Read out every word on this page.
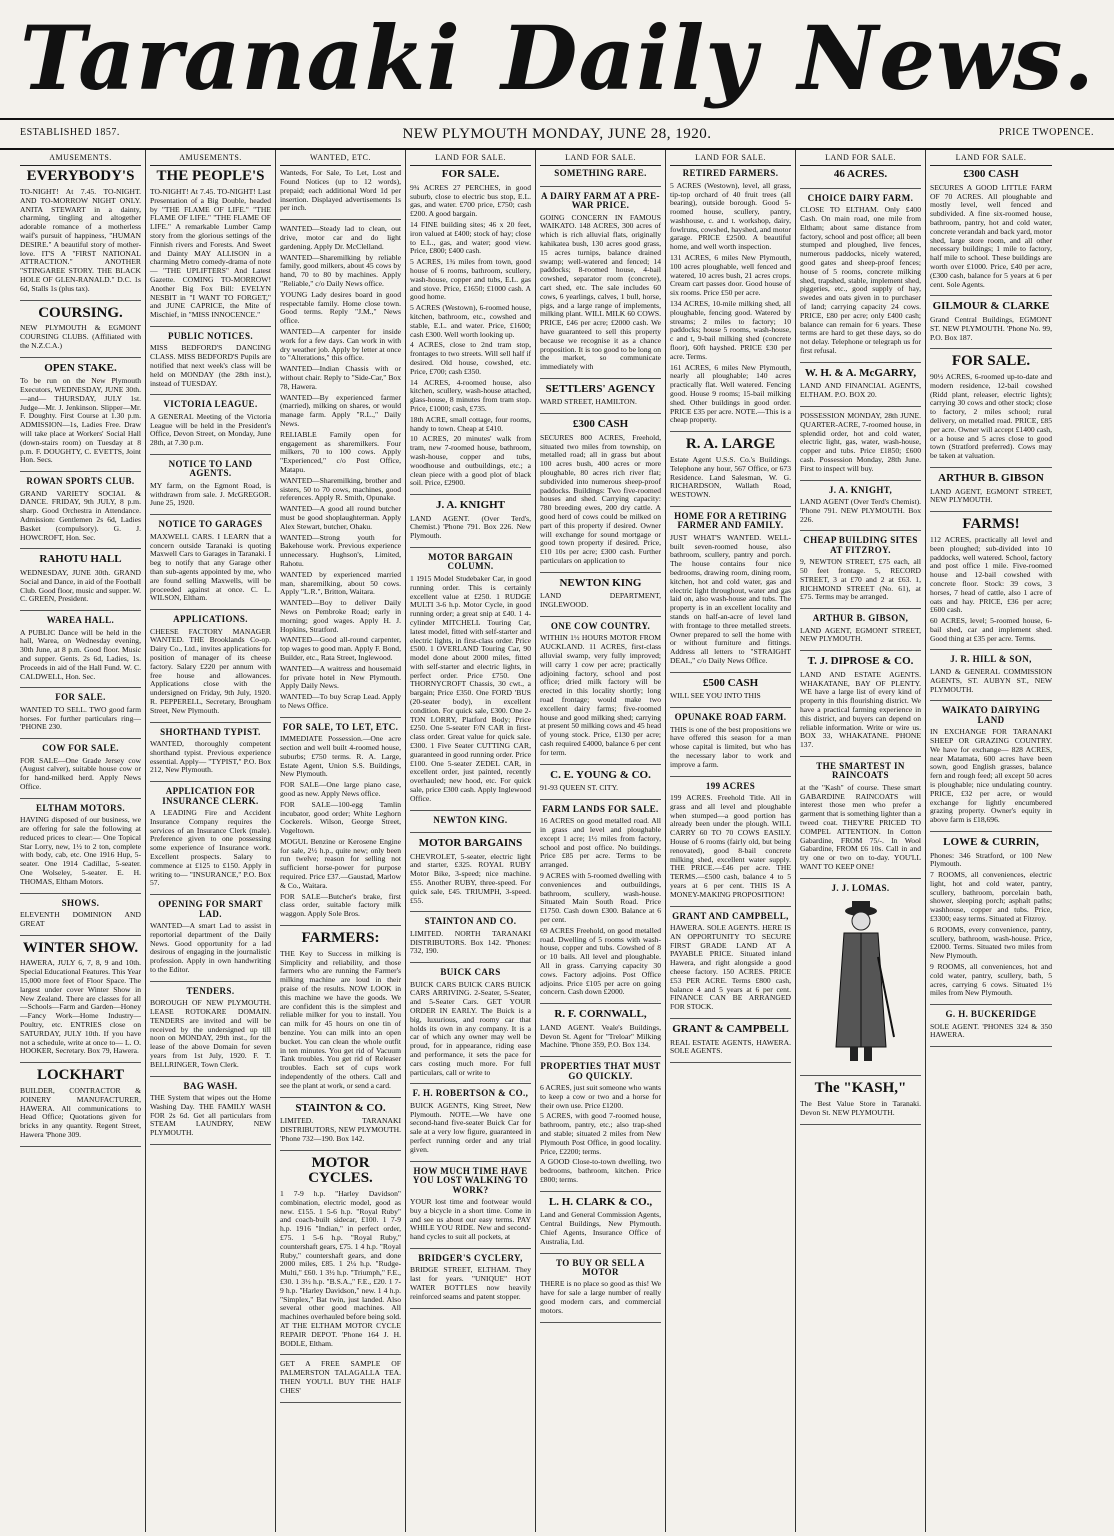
Taranaki Daily News.
ESTABLISHED 1857.	NEW PLYMOUTH MONDAY, JUNE 28, 1920.	PRICE TWOPENCE.
AMUSEMENTS.
EVERYBODY'S

TO-NIGHT! At 7.45. TO-NIGHT. AND TO-MORROW NIGHT ONLY. ANITA STEWART in a dainty, charming, tingling and altogether adorable romance of a motherless waif's pursuit of happiness, "HUMAN DESIRE." A beautiful story of mother-love. IT'S A "FIRST NATIONAL ATTRACTION." ANOTHER "STINGAREE STORY. THE BLACK HOLE OF GLEN-RANALD." D.C. 1s 6d, Stalls 1s (plus tax).

COURSING.

NEW PLYMOUTH & EGMONT COURSING CLUBS. (Affiliated with the N.Z.C.A.)

OPEN STAKE.

To be run on the New Plymouth Executors, WEDNESDAY, JUNE 30th. —and— THURSDAY, JULY 1st. Judge—Mr. J. Jenkinson. Slipper—Mr. F. Doughty. First Course at 1.30 p.m. ADMISSION—1s, Ladies Free. Draw will take place at Workers' Social Hall (down-stairs room) on Tuesday at 8 p.m. F. DOUGHTY, C. EVETTS, Joint Hon. Secs.

ROWAN SPORTS CLUB.

GRAND VARIETY SOCIAL & DANCE. FRIDAY, 9th JULY, 8 p.m. sharp. Good Orchestra in Attendance. Admission: Gentlemen 2s 6d, Ladies Basket (compulsory). G. J. HOWCROFT, Hon. Sec.

RAHOTU HALL

WEDNESDAY, JUNE 30th. GRAND Social and Dance, in aid of the Football Club. Good floor, music and supper. W. C. GREEN, President.

WAREA HALL.

A PUBLIC Dance will be held in the hall, Warea, on Wednesday evening, 30th June, at 8 p.m. Good floor. Music and supper. Gents. 2s 6d, Ladies, 1s. Proceeds in aid of the Hall Fund. W. C. CALDWELL, Hon. Sec.

FOR SALE.

WANTED TO SELL. TWO good farm horses. For further particulars ring— 'PHONE 230.

COW FOR SALE.

FOR SALE—One Grade Jersey cow (August calver), suitable house cow or for hand-milked herd. Apply News Office.

ELTHAM MOTORS.

HAVING disposed of our business, we are offering for sale the following at reduced prices to clear:— One Topical Star Lorry, new, 1½ to 2 ton, complete with body, cab, etc. One 1916 Hup, 5-seater. One 1914 Cadillac, 5-seater. One Wolseley, 5-seater. E. H. THOMAS, Eltham Motors.

SHOWS.

ELEVENTH DOMINION AND GREAT

WINTER SHOW.

HAWERA, JULY 6, 7, 8, 9 and 10th. Special Educational Features. This Year 15,000 more feet of Floor Space. The largest under cover Winter Show in New Zealand. There are classes for all—Schools—Farm and Garden—Honey—Fancy Work—Home Industry—Poultry, etc. ENTRIES close on SATURDAY, JULY 10th. If you have not a schedule, write at once to— L. O. HOOKER, Secretary. Box 79, Hawera.

LOCKHART

BUILDER, CONTRACTOR & JOINERY MANUFACTURER, HAWERA. All communications to Head Office; Quotations given for bricks in any quantity. Regent Street, Hawera 'Phone 309.

AMUSEMENTS.
THE PEOPLE'S

TO-NIGHT! At 7.45. TO-NIGHT! Last Presentation of a Big Double, headed by "THE FLAME OF LIFE." "THE FLAME OF LIFE." "THE FLAME OF LIFE." A remarkable Lumber Camp story from the glorious settings of the Finnish rivers and Forests. And Sweet and Dainty MAY ALLISON in a charming Metro comedy-drama of note— "THE UPLIFTERS" And Latest Gazette. COMING TO-MORROW! Another Big Fox Bill: EVELYN NESBIT in "I WANT TO FORGET," and JUNE CAPRICE, the Mite of Mischief, in "MISS INNOCENCE."

PUBLIC NOTICES.

MISS BEDFORD'S DANCING CLASS. MISS BEDFORD'S Pupils are notified that next week's class will be held on MONDAY (the 28th inst.), instead of TUESDAY.

VICTORIA LEAGUE.

A GENERAL Meeting of the Victoria League will be held in the President's Office, Devon Street, on Monday, June 28th, at 7.30 p.m.

NOTICE TO LAND AGENTS.

MY farm, on the Egmont Road, is withdrawn from sale. J. McGREGOR. June 25, 1920.

NOTICE TO GARAGES

MAXWELL CARS. I LEARN that a concern outside Taranaki is quoting Maxwell Cars to Garages in Taranaki. I beg to notify that any Garage other than sub-agents appointed by me, who are found selling Maxwells, will be proceeded against at once. C. L. WILSON, Eltham.

APPLICATIONS.

CHEESE FACTORY MANAGER WANTED. THE Brooklands Co-op. Dairy Co., Ltd., invites applications for position of manager of its cheese factory. Salary £220 per annum with free house and allowances. Applications close with the undersigned on Friday, 9th July, 1920. R. PEPPERELL, Secretary, Brougham Street, New Plymouth.

SHORTHAND TYPIST.

WANTED, thoroughly competent shorthand typist. Previous experience essential. Apply— "TYPIST," P.O. Box 212, New Plymouth.

APPLICATION FOR INSURANCE CLERK.

A LEADING Fire and Accident Insurance Company requires the services of an Insurance Clerk (male). Preference given to one possessing some experience of Insurance work. Excellent prospects. Salary to commence at £125 to £150. Apply in writing to— "INSURANCE," P.O. Box 57.

OPENING FOR SMART LAD.

WANTED—A smart Lad to assist in reportorial department of the Daily News. Good opportunity for a lad desirous of engaging in the journalistic profession. Apply in own handwriting to the Editor.

TENDERS.

BOROUGH OF NEW PLYMOUTH. LEASE ROTOKARE DOMAIN. TENDERS are invited and will be received by the undersigned up till noon on MONDAY, 29th inst., for the lease of the above Domain for seven years from 1st July, 1920. F. T. BELLRINGER, Town Clerk.

BAG WASH.

THE System that wipes out the Home Washing Day. THE FAMILY WASH FOR 2s 6d. Get all particulars from STEAM LAUNDRY, NEW PLYMOUTH.

WANTED, ETC.

Wanteds, For Sale, To Let, Lost and Found Notices (up to 12 words), prepaid; each additional Word 1d per insertion. Displayed advertisements 1s per inch.

WANTED—Steady lad to clean, out drive, motor car and do light gardening. Apply Dr. McClelland.

WANTED—Sharemilking by reliable family, good milkers, about 45 cows by hand, 70 to 80 by machines. Apply "Reliable," c/o Daily News office.

YOUNG Lady desires board in good respectable family. Home close town. Good terms. Reply "J.M.," News office.

WANTED—A carpenter for inside work for a few days. Can work in with dry weather job. Apply by letter at once to "Alterations," this office.

WANTED—Indian Chassis with or without chair. Reply to "Side-Car," Box 78, Hawera.

WANTED—By experienced farmer (married), milking on shares, or would manage farm. Apply "R.L.," Daily News.

RELIABLE Family open for engagement as sharemilkers. Four milkers, 70 to 100 cows. Apply "Experienced," c/o Post Office, Matapu.

WANTED—Sharemilking, brother and sisters, 50 to 70 cows, machines, good references. Apply R. Smith, Opunake.

WANTED—A good all round butcher must be good shoplaughterman. Apply Alex Stewart, butcher, Ohaku.

WANTED—Strong youth for Bakehouse work. Previous experience unnecessary. Hughson's, Limited, Rahotu.

WANTED by experienced married man, sharemilking, about 50 cows. Apply "L.R.", Britton, Waitara.

WANTED—Boy to deliver Daily News on Pembroke Road; early in morning; good wages. Apply H. J. Hopkins, Stratford.

WANTED—Good all-round carpenter, top wages to good man. Apply F. Bond, Builder, etc., Rata Street, Inglewood.

WANTED—A waitress and housemaid for private hotel in New Plymouth. Apply Daily News.

WANTED—To buy Scrap Lead. Apply to News Office.

FOR SALE, TO LET, ETC.

IMMEDIATE Possession.—One acre section and well built 4-roomed house, suburbs; £750 terms. R. A. Large, Estate Agent, Union S.S. Buildings, New Plymouth.

FOR SALE—One large piano case, good as new. Apply News office.

FOR SALE—100-egg Tamlin incubator, good order; White Leghorn Cockerels. Wilson, George Street, Vogeltown.

MOGUL Benzine or Kerosene Engine for sale, 2½ h.p., quite new; only been run twelve; reason for selling not sufficient horse-power for purpose required. Price £37.—Gaustad, Marlow & Co., Waitara.

FOR SALE—Butcher's brake, first class order, suitable factory milk waggon. Apply Sole Bros.

FARMERS:

THE Key to Success in milking is Simplicity and reliability, and those farmers who are running the Farmer's milking machine are loud in their praise of the results. NOW LOOK in this machine we have the goods. We are confident this is the simplest and reliable milker for you to install. You can milk for 45 hours on one tin of benzine. You can milk into an open bucket. You can clean the whole outfit in ten minutes. You get rid of Vacuum Tank troubles. You get rid of Releaser troubles. Each set of cups work independently of the others. Call and see the plant at work, or send a card.

STAINTON & CO.

LIMITED. TARANAKI DISTRIBUTORS, NEW PLYMOUTH. 'Phone 732—190. Box 142.

MOTOR CYCLES.

1 7-9 h.p. "Harley Davidson" combination, electric model, good as new. £155. 1 5-6 h.p. "Royal Ruby" and coach-built sidecar, £100. 1 7-9 h.p. 1916 "Indian," in perfect order, £75. 1 5-6 h.p. "Royal Ruby," countershaft gears, £75. 1 4 h.p. "Royal Ruby," countershaft gears, and done 2000 miles, £85. 1 2¼ h.p. "Rudge-Multi," £60. 1 3½ h.p. "Triumph," F.E., £30. 1 3½ h.p. "B.S.A.," F.E., £20. 1 7-9 h.p. "Harley Davidson," new. 1 4 h.p. "Simplex," Bat twin, just landed. Also several other good machines. All machines overhauled before being sold. AT THE ELTHAM MOTOR CYCLE REPAIR DEPOT. 'Phone 164 J. H. BODLE, Eltham.

GET A FREE SAMPLE OF PALMERSTON TALAGALLA TEA. THEN YOU'LL BUY THE HALF CHES'

LAND FOR SALE.
FOR SALE.

9¾ ACRES 27 PERCHES, in good suburb, close to electric bus stop, E.L. gas, and water. £700 price, £750; cash £200. A good bargain.

14 FINE building sites; 46 x 20 feet, iron valued at £400; stock of hay; close to E.L., gas, and water; good view. Price, £800; £400 cash.

5 ACRES, 1¾ miles from town, good house of 6 rooms, bathroom, scullery, wash-house, copper and tubs, E.L. gas and stove. Price, £1650; £1000 cash. A good home.

5 ACRES (Westown), 6-roomed house, kitchen, bathroom, etc., cowshed and stable, E.L. and water. Price, £1600; cash £300. Well worth looking up.

4 ACRES, close to 2nd tram stop, frontages to two streets. Will sell half if desired. Old house, cowshed, etc. Price, £700; cash £350.

14 ACRES, 4-roomed house, also kitchen, scullery, wash-house attached, glass-house, 8 minutes from tram stop. Price, £1000; cash, £735.

18th ACRE, small cottage, four rooms, handy to town. Cheap at £410.

10 ACRES, 20 minutes' walk from tram, new 7-roomed house, bathroom, wash-house, copper and tubs, woodhouse and outbuildings, etc.; a clean piece with a good plot of black soil. Price, £2900.

J. A. KNIGHT

LAND AGENT. (Over Terd's, Chemist.) 'Phone 791. Box 226. New Plymouth.

MOTOR BARGAIN COLUMN.

1 1915 Model Studebaker Car, in good running order. This is certainly excellent value at £250. 1 RUDGE MULTI 3-6 h.p. Motor Cycle, in good running order; a great snip at £40. 1 4-cylinder MITCHELL Touring Car, latest model, fitted with self-starter and electric lights, in first-class order. Price £500. 1 OVERLAND Touring Car, 90 model done about 2000 miles, fitted with self-starter and electric lights, in perfect order. Price £750. One THORNYCROFT Chassis, 30 cwt., a bargain; Price £350. One FORD 'BUS (20-seater body), in excellent condition. For quick sale, £300. One 2-TON LORRY, Platford Body; Price £250. One 5-seater F/N CAR in first-class order. Great value for quick sale. £300. 1 Five Seater CUTTING CAR, guaranteed in good running order. Price £100. One 5-seater ZEDEL CAR, in excellent order, just painted, recently overhauled; new hood, etc. For quick sale, price £300 cash. Apply Inglewood Office.

NEWTON KING.
MOTOR BARGAINS

CHEVROLET, 5-seater, electric light and starter, £325. ROYAL RUBY Motor Bike, 3-speed; nice machine. £55. Another RUBY, three-speed. For quick sale, £45. TRIUMPH, 3-speed. £55.

STAINTON AND CO.

LIMITED. NORTH TARANAKI DISTRIBUTORS. Box 142. 'Phones: 732, 190.

BUICK CARS

BUICK CARS BUICK CARS BUICK CARS ARRIVING. 2-Seater, 5-Seater, and 5-Seater Cars. GET YOUR ORDER IN EARLY. The Buick is a big, luxurious, and roomy car that holds its own in any company. It is a car of which any owner may well be proud, for in appearance, riding ease and performance, it sets the pace for cars costing much more. For full particulars, call or write to

F. H. ROBERTSON & CO.,

BUICK AGENTS, King Street, New Plymouth. NOTE.—We have one second-hand five-seater Buick Car for sale at a very low figure, guaranteed in perfect running order and any trial given.

HOW MUCH TIME HAVE YOU LOST WALKING TO WORK?

YOUR lost time and footwear would buy a bicycle in a short time. Come in and see us about our easy terms. PAY WHILE YOU RIDE. New and second-hand cycles to suit all pockets, at

BRIDGER'S CYCLERY,

BRIDGE STREET, ELTHAM. They last for years. "UNIQUE" HOT WATER BOTTLES now heavily reinforced seams and patent stopper.

LAND FOR SALE.
SOMETHING RARE.
A DAIRY FARM AT A PRE-WAR PRICE.

GOING CONCERN IN FAMOUS WAIKATO. 148 ACRES, 300 acres of which is rich alluvial flats, originally kahikatea bush, 130 acres good grass, 15 acres turnips, balance drained swamp; well-watered and fenced; 14 paddocks; 8-roomed house, 4-bail cowshed, separator room (concrete), cart shed, etc. The sale includes 60 cows, 6 yearlings, calves, 1 bull, horse, pigs, and a large range of implements, milking plant. WILL MILK 60 COWS. PRICE, £46 per acre; £2000 cash. We have guaranteed to sell this property because we recognise it as a chance proposition. It is too good to be long on the market, so communicate immediately with

SETTLERS' AGENCY

WARD STREET, HAMILTON.

£300 CASH

SECURES 800 ACRES, Freehold, situated two miles from township, on metalled road; all in grass but about 100 acres bush, 400 acres or more ploughable, 80 acres rich river flat; subdivided into numerous sheep-proof paddocks. Buildings: Two five-roomed houses and shed. Carrying capacity: 780 breeding ewes, 200 dry cattle. A good herd of cows could be milked on part of this property if desired. Owner will exchange for sound mortgage or good town property if desired. Price, £10 10s per acre; £300 cash. Further particulars on application to

NEWTON KING

LAND DEPARTMENT, INGLEWOOD.

ONE COW COUNTRY.

WITHIN 1½ HOURS MOTOR FROM AUCKLAND. 11 ACRES, first-class alluvial swamp, very fully improved; will carry 1 cow per acre; practically adjoining factory, school and post office; dried milk factory will be erected in this locality shortly; long road frontage; would make two excellent dairy farms; five-roomed house and good milking shed; carrying at present 50 milking cows and 45 head of young stock. Price, £130 per acre; cash required £4000, balance 6 per cent for term.

C. E. YOUNG & CO.

91-93 QUEEN ST. CITY.

FARM LANDS FOR SALE.

16 ACRES on good metalled road. All in grass and level and ploughable except 1 acre; 1½ miles from factory, school and post office. No buildings. Price £85 per acre. Terms to be arranged.

9 ACRES with 5-roomed dwelling with conveniences and outbuildings, bathroom, scullery, wash-house. Situated Main South Road. Price £1750. Cash down £300. Balance at 6 per cent.

69 ACRES Freehold, on good metalled road. Dwelling of 5 rooms with wash-house, copper and tubs. Cowshed of 8 or 10 bails. All level and ploughable. All in grass. Carrying capacity 30 cows. Factory adjoins. Post Office adjoins. Price £105 per acre on going concern. Cash down £2000.

R. F. CORNWALL,

LAND AGENT. Veale's Buildings, Devon St. Agent for "Treloar" Milking Machine. 'Phone 359, P.O. Box 134.

PROPERTIES THAT MUST GO QUICKLY.

6 ACRES, just suit someone who wants to keep a cow or two and a horse for their own use. Price £1200.

5 ACRES, with good 7-roomed house, bathroom, pantry, etc.; also trap-shed and stable; situated 2 miles from New Plymouth Post Office, in good locality. Price, £2200; terms.

A GOOD Close-to-town dwelling, two bedrooms, bathroom, kitchen. Price £800; terms.

L. H. CLARK & CO.,

Land and General Commission Agents, Central Buildings, New Plymouth. Chief Agents, Insurance Office of Australia, Ltd.

TO BUY OR SELL A MOTOR

THERE is no place so good as this! We have for sale a large number of really good modern cars, and commercial motors.

LAND FOR SALE.
RETIRED FARMERS.

5 ACRES (Westown), level, all grass, tip-top orchard of 40 fruit trees (all bearing), outside borough. Good 5-roomed house, scullery, pantry, washhouse, c. and t. workshop, dairy, fowlruns, cowshed, hayshed, and motor garage. PRICE £2500. A beautiful home, and well worth inspection.

131 ACRES, 6 miles New Plymouth, 100 acres ploughable, well fenced and watered, 10 acres bush, 21 acres crops. Cream cart passes door. Good house of six rooms. Price £50 per acre.

134 ACRES, 10-mile milking shed, all ploughable, fencing good. Watered by streams; 2 miles to factory; 10 paddocks; house 5 rooms, wash-house, c and t, 9-bail milking shed (concrete floor), 60ft hayshed. PRICE £30 per acre. Terms.

161 ACRES, 6 miles New Plymouth, nearly all ploughable; 140 acres practically flat. Well watered. Fencing good. House 9 rooms; 15-bail milking shed. Other buildings in good order. PRICE £35 per acre. NOTE.—This is a cheap property.

R. A. LARGE

Estate Agent U.S.S. Co.'s Buildings. Telephone any hour, 567 Office, or 673 Residence. Land Salesman, W. G. RICHARDSON, Wallath Road, WESTOWN.

HOME FOR A RETIRING FARMER AND FAMILY.

JUST WHAT'S WANTED. WELL-built seven-roomed house, also bathroom, scullery, pantry and porch. The house contains four nice bedrooms, drawing room, dining room, kitchen, hot and cold water, gas and electric light throughout, water and gas laid on, also wash-house and tubs. The property is in an excellent locality and stands on half-an-acre of level land with frontage to three metalled streets. Owner prepared to sell the home with or without furniture and fittings. Address all letters to "STRAIGHT DEAL," c/o Daily News Office.

£500 CASH

WILL SEE YOU INTO THIS

OPUNAKE ROAD FARM.

THIS is one of the best propositions we have offered this season for a man whose capital is limited, but who has the necessary labor to work and improve a farm.

199 ACRES

199 ACRES. Freehold Title. All in grass and all level and ploughable when stumped—a good portion has already been under the plough. WILL CARRY 60 TO 70 COWS EASILY. House of 6 rooms (fairly old, but being renovated), good 8-bail concrete milking shed, excellent water supply. THE PRICE.—£46 per acre. THE TERMS.—£500 cash, balance 4 to 5 years at 6 per cent. THIS IS A MONEY-MAKING PROPOSITION!

GRANT AND CAMPBELL,

HAWERA. SOLE AGENTS. HERE IS AN OPPORTUNITY TO SECURE FIRST GRADE LAND AT A PAYABLE PRICE. Situated inland Hawera, and right alongside a good cheese factory. 150 ACRES. PRICE £53 PER ACRE. Terms £800 cash, balance 4 and 5 years at 6 per cent. FINANCE CAN BE ARRANGED FOR STOCK.

GRANT & CAMPBELL

REAL ESTATE AGENTS, HAWERA. SOLE AGENTS.

LAND FOR SALE.
46 ACRES.
CHOICE DAIRY FARM.

CLOSE TO ELTHAM. Only £400 Cash. On main road, one mile from Eltham; about same distance from factory, school and post office; all been stumped and ploughed, live fences, numerous paddocks, nicely watered, good gates and sheep-proof fences; house of 5 rooms, concrete milking shed, trapshed, stable, implement shed, piggeries, etc., good supply of hay, swedes and oats given in to purchaser of land; carrying capacity 24 cows. PRICE, £80 per acre; only £400 cash; balance can remain for 6 years. These terms are hard to get these days, so do not delay. Telephone or telegraph us for first refusal.

W. H. & A. McGARRY,

LAND AND FINANCIAL AGENTS, ELTHAM. P.O. BOX 20.

POSSESSION MONDAY, 28th JUNE. QUARTER-ACRE, 7-roomed house, in splendid order, hot and cold water, electric light, gas, water, wash-house, copper and tubs. Price £1850; £600 cash. Possession Monday, 28th June. First to inspect will buy.

J. A. KNIGHT,

LAND AGENT (Over Terd's Chemist). 'Phone 791. NEW PLYMOUTH. Box 226.

CHEAP BUILDING SITES AT FITZROY.

9, NEWTON STREET, £75 each, all 50 feet frontage. 5, RECORD STREET, 3 at £70 and 2 at £63. 1, RICHMOND STREET (No. 61), at £75. Terms may be arranged.

ARTHUR B. GIBSON,

LAND AGENT, EGMONT STREET, NEW PLYMOUTH.

T. J. DIPROSE & CO.

LAND AND ESTATE AGENTS. WHAKATANE, BAY OF PLENTY. WE have a large list of every kind of property in this flourishing district. We have a practical farming experience in this district, and buyers can depend on reliable information. Write or wire us. BOX 33, WHAKATANE. PHONE 137.

THE SMARTEST IN RAINCOATS

at the "Kash" of course. These smart GABARDINE RAINCOATS will interest those men who prefer a garment that is something lighter than a tweed coat. THEY'RE PRICED TO COMPEL ATTENTION. In Cotton Gabardine, FROM 75/-. In Wool Gabardine, FROM £6 10s. Call in and try one or two on to-day. YOU'LL WANT TO KEEP ONE!

J. J. LOMAS.
The "KASH,"

The Best Value Store in Taranaki. Devon St. NEW PLYMOUTH.

LAND FOR SALE.
£300 CASH

SECURES A GOOD LITTLE FARM OF 70 ACRES. All ploughable and mostly level, well fenced and subdivided. A fine six-roomed house, bathroom, pantry, hot and cold water, concrete verandah and back yard, motor shed, large store room, and all other necessary buildings; 1 mile to factory, half mile to school. These buildings are worth over £1000. Price, £40 per acre, (£300 cash, balance for 5 years at 6 per cent. Sole Agents.

GILMOUR & CLARKE

Grand Central Buildings, EGMONT ST. NEW PLYMOUTH. 'Phone No. 99, P.O. Box 187.

FOR SALE.

90½ ACRES, 6-roomed up-to-date and modern residence, 12-bail cowshed (Ridd plant, releaser, electric lights); carrying 30 cows and other stock; close to factory, 2 miles school; rural delivery, on metalled road. PRICE, £85 per acre. Owner will accept £1400 cash, or a house and 5 acres close to good town (Stratford preferred). Cows may be taken at valuation.

ARTHUR B. GIBSON

LAND AGENT, EGMONT STREET, NEW PLYMOUTH.

FARMS!

112 ACRES, practically all level and been ploughed; sub-divided into 10 paddocks, well watered. School, factory and post office 1 mile. Five-roomed house and 12-bail cowshed with concrete floor. Stock: 39 cows, 3 horses, 7 head of cattle, also 1 acre of oats and hay. PRICE, £36 per acre; £600 cash.

60 ACRES, level; 5-roomed house, 6-bail shed, car and implement shed. Good thing at £35 per acre. Terms.

J. R. HILL & SON,

LAND & GENERAL COMMISSION AGENTS, ST. AUBYN ST., NEW PLYMOUTH.

WAIKATO DAIRYING LAND

IN EXCHANGE FOR TARANAKI SHEEP OR GRAZING COUNTRY. We have for exchange— 828 ACRES, near Matamata, 600 acres have been sown, good English grasses, balance fern and rough feed; all except 50 acres is ploughable; nice undulating country. PRICE, £32 per acre, or would exchange for lightly encumbered grazing property. Owner's equity in above farm is £18,696.

LOWE & CURRIN,

Phones: 346 Stratford, or 100 New Plymouth.

7 ROOMS, all conveniences, electric light, hot and cold water, pantry, scullery, bathroom, porcelain bath, shower, sleeping porch; asphalt paths; washhouse, copper and tubs. Price, £3300; easy terms. Situated at Fitzroy.

6 ROOMS, every convenience, pantry, scullery, bathroom, wash-house. Price, £2000. Terms. Situated two miles from New Plymouth.

9 ROOMS, all conveniences, hot and cold water, pantry, scullery, bath, 5 acres, carrying 6 cows. Situated 1½ miles from New Plymouth.

G. H. BUCKERIDGE

SOLE AGENT. 'PHONES 324 & 350 HAWERA.
